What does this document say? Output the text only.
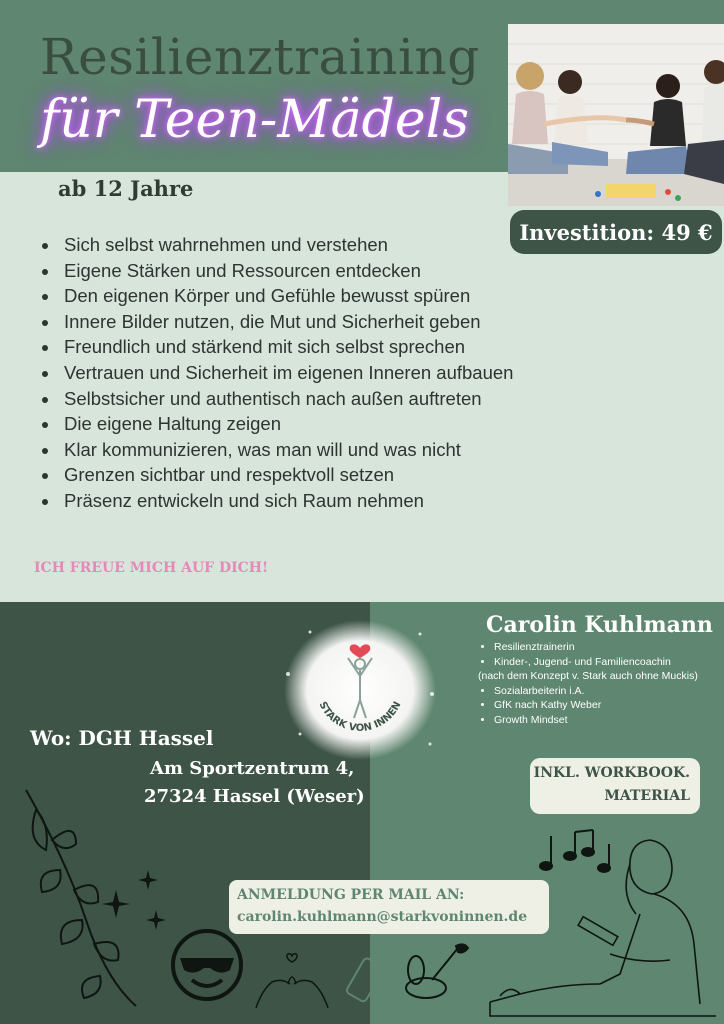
Resilienztraining
für Teen-Mädels
ab 12 Jahre
Investition: 49 €
• Sich selbst wahrnehmen und verstehen
• Eigene Stärken und Ressourcen entdecken
• Den eigenen Körper und Gefühle bewusst spüren
• Innere Bilder nutzen, die Mut und Sicherheit geben
• Freundlich und stärkend mit sich selbst sprechen
• Vertrauen und Sicherheit im eigenen Inneren aufbauen
• Selbstsicher und authentisch nach außen auftreten
• Die eigene Haltung zeigen
• Klar kommunizieren, was man will und was nicht
• Grenzen sichtbar und respektvoll setzen
• Präsenz entwickeln und sich Raum nehmen
ICH FREUE MICH AUF DICH!
STARK VON INNEN
Carolin Kuhlmann
• Resilienztrainerin
• Kinder-, Jugend- und Familiencoachin
(nach dem Konzept v. Stark auch ohne Muckis)
• Sozialarbeiterin i.A.
• GfK nach Kathy Weber
• Growth Mindset
Wo: DGH Hassel
Am Sportzentrum 4,
27324 Hassel (Weser)
INKL. WORKBOOK.
MATERIAL
ANMELDUNG PER MAIL AN:
carolin.kuhlmann@starkvoninnen.de
